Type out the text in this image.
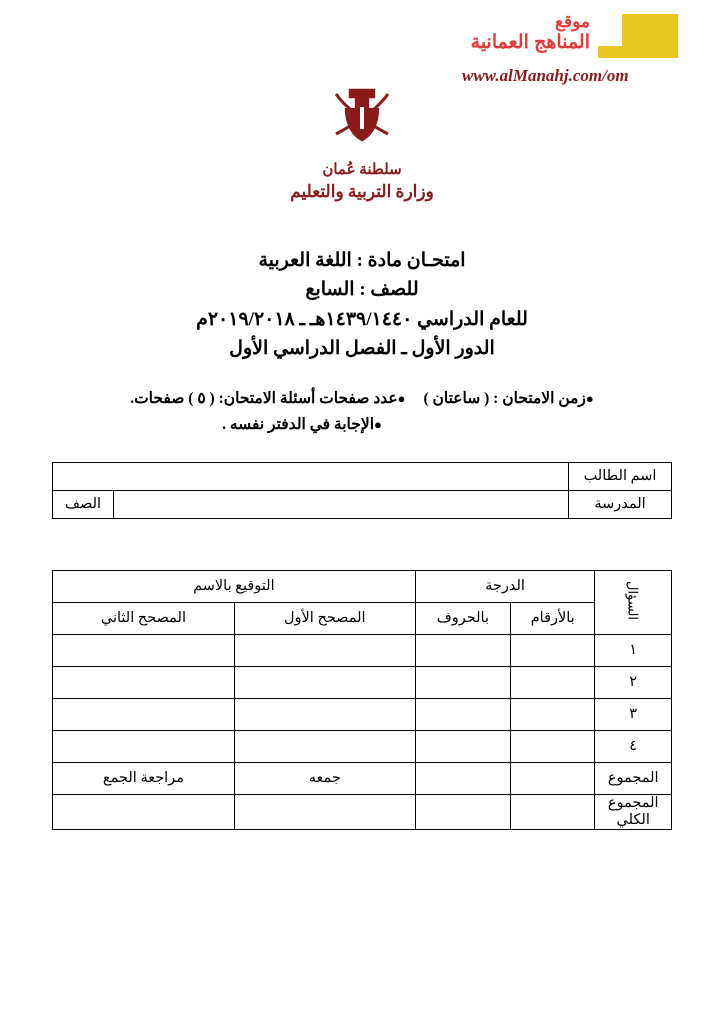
موقع
المناهج العمانية
www.alManahj.com/om
سلطنة عُمان
وزارة التربية والتعليم
امتحـان مادة : اللغة العربية
للصف : السابع
للعام الدراسي ١٤٣٩/١٤٤٠هـ ـ ٢٠١٩/٢٠١٨م
الدور الأول ـ الفصل الدراسي الأول
●زمن الامتحان : ( ساعتان )●عدد صفحات أسئلة الامتحان: ( ٥ ) صفحات.
●الإجابة في الدفتر نفسه .
اسم الطالب		
المدرسة		الصف
السؤال	الدرجة		التوقيع بالاسم	
	بالأرقام	بالحروف	المصحح الأول	المصحح الثاني
١				
٢				
٣				
٤				
المجموع			جمعه	مراجعة الجمع
المجموع الكلي				
